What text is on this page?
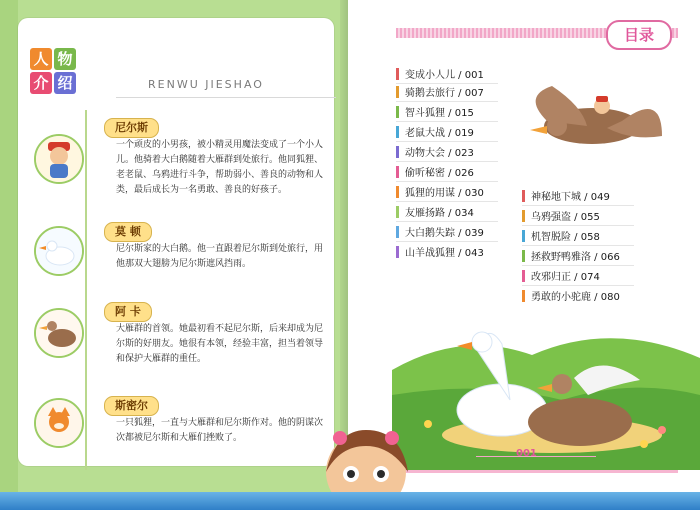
人 物
介 绍	RENWU JIESHAO
尼尔斯
一个顽皮的小男孩，被小精灵用魔法变成了一个小人儿。他骑着大白鹅随着大雁群到处旅行。他同狐狸、老老鼠、乌鸦进行斗争，帮助弱小、善良的动物和人类，最后成长为一名勇敢、善良的好孩子。
莫 顿
尼尔斯家的大白鹅。他一直跟着尼尔斯到处旅行，用他那双大翅膀为尼尔斯遮风挡雨。
阿 卡
大雁群的首领。她最初看不起尼尔斯，后来却成为尼尔斯的好朋友。她很有本领，经验丰富，担当着领导和保护大雁群的重任。
斯密尔
一只狐狸，一直与大雁群和尼尔斯作对。他的阴谋次次都被尼尔斯和大雁们挫败了。
目录
变成小人儿 / 001
骑鹅去旅行 / 007
智斗狐狸 / 015
老鼠大战 / 019
动物大会 / 023
偷听秘密 / 026
狐狸的用谋 / 030
友雁扬路 / 034
大白鹅失踪 / 039
山羊战狐狸 / 043
神秘地下城 / 049
乌鸦强盗 / 055
机智脱险 / 058
拯救野鸭雅洛 / 066
改邪归正 / 074
勇敢的小驼鹿 / 080
001
